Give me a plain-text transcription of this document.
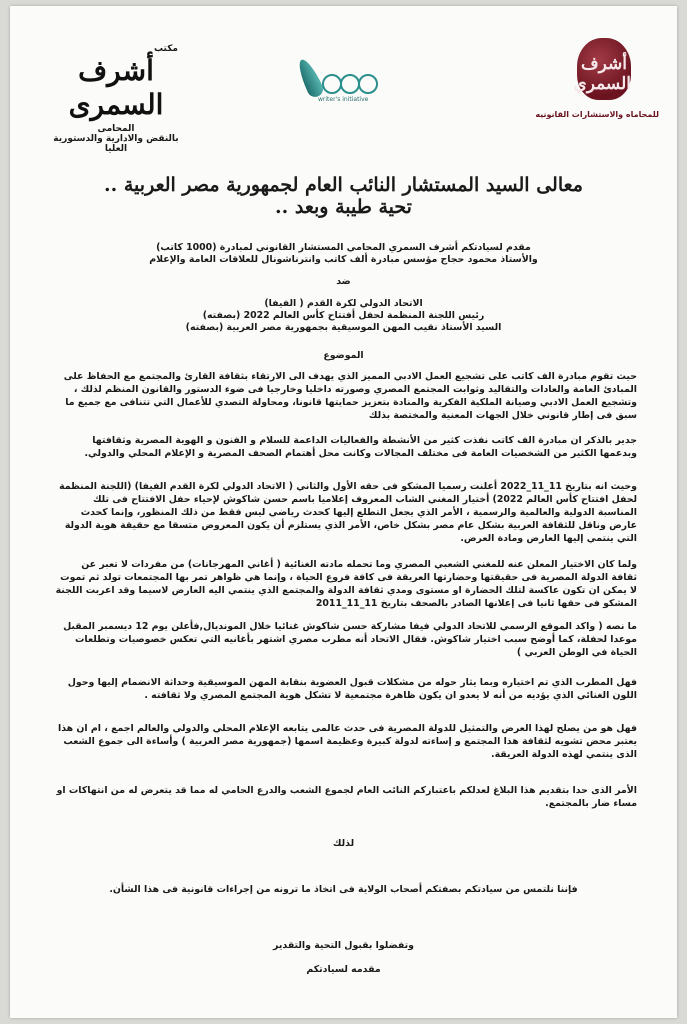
أشرف السمري
للمحاماه والاستشارات القانونيه
writer's initiative
مكتب
أشرف السمرى
المحامى
بالنقض والادارية والدستورية العليا
معالى السيد المستشار النائب العام لجمهورية مصر العربية ..
تحية طيبة وبعد ..
مقدم لسيادتكم أشرف السمري المحامي المستشار القانوني لمبادرة (1000 كاتب)
والأستاذ محمود حجاج مؤسس مبادرة ألف كاتب وانترناشونال للعلاقات العامة والإعلام
ضد
الاتحاد الدولي لكرة القدم ( الفيفا)
رئيس اللجنة المنظمة لحفل أفتتاح كأس العالم 2022 (بصفته)
السيد الأستاذ نقيب المهن الموسيقية بجمهورية مصر العربية (بصفته)
الموضوع
حيث تقوم مبادرة الف كاتب على تشجيع العمل الادبي المميز الذي يهدف الى الارتقاء بثقافة القارئ والمجتمع مع الحفاظ على المبادئ العامة والعادات والتقاليد وثوابت المجتمع المصري وصورته داخليا وخارجيا فى ضوء الدستور والقانون المنظم لذلك ، وتشجيع العمل الادبي وصيانة الملكية الفكرية والمنادة بتعزيز حمايتها قانونا، ومحاولة التصدي للأعمال التي تتنافى مع جميع ما سبق فى إطار قانوني خلال الجهات المعنية والمختصة بذلك
جدير بالذكر ان مبادرة الف كاتب نفذت كثير من الأنشطة والفعاليات الداعمة للسلام و الفنون و الهوية المصرية وثقافتها وبدعمها الكثير من الشخصيات العامة فى مختلف المجالات وكانت محل أهتمام الصحف المصرية و الإعلام المحلي والدولي.
وحيث انه بتاريخ 11_11_2022 أعلنت رسميا المشكو فى حقه الأول والثاني ( الاتحاد الدولي لكرة القدم الفيفا) (اللجنة المنظمة لحفل افتتاح كأس العالم 2022) أختيار المغني الشاب المعروف إعلاميا باسم حسن شاكوش لإحياء حفل الافتتاح فى تلك المناسبة الدولية والعالمية والرسمية ، الأمر الذي يجعل التطلع إليها كحدث رياضي ليس فقط من ذلك المنظور، وإنما كحدث عارض وناقل للثقافة العربية بشكل عام مصر بشكل خاص، الأمر الذي يستلزم أن يكون المعروض متسقا مع حقيقة هوية الدولة التي ينتمي إليها العارض ومادة العرض.
ولما كان الاختيار المعلن عنه للمغني الشعبي المصري وما تحمله مادته الغنائية ( أغاني المهرجانات) من مفردات لا تعبر عن ثقافة الدولة المصرية فى حقيقتها وحضارتها العريقة فى كافة فروع الحياة ، وإنما هي ظواهر تمر بها المجتمعات تولد ثم تموت لا يمكن ان تكون عاكسة لتلك الحضارة او مستوى ومدي ثقافة الدولة والمجتمع الذي ينتمي اليه العارض لاسيما وقد اعربت اللجنة المشكو فى حقها ثانيا فى إعلانها الصادر بالصحف بتاريخ 11_11_2011
ما نصه ( واكد الموقع الرسمي للاتحاد الدولي فيفا مشاركة حسن شاكوش غنائيا خلال المونديال,فأعلن يوم 12 ديسمبر المقبل موعدا لحفلة، كما أوضح سبب اختيار شاكوش. فقال الاتحاد أنه مطرب مصري اشتهر بأغانيه التي تعكس خصوصيات وتطلعات الحياة في الوطن العربي )
فهل المطرب الذي تم اختياره وبما يثار حوله من مشكلات قبول العضوية بنقابة المهن الموسيقية وحداثة الانضمام إليها وحول اللون الغنائي الذي يؤديه من أنه لا يعدو ان يكون ظاهرة مجتمعية لا تشكل هوية المجتمع المصري ولا ثقافته .
فهل هو من يصلح لهذا العرض والتمثيل للدولة المصرية فى حدث عالمى يتابعه الإعلام المحلي والدولي والعالم اجمع ، ام ان هذا يعتبر محض تشويه لثقافة هذا المجتمع و إساءته لدولة كبيرة وعظيمة اسمها (جمهورية مصر العربية ) وأساءة الى جموع الشعب الذى ينتمي لهذه الدولة العريقة.
الأمر الذى حدا بتقديم هذا البلاغ لعدلكم باعتباركم النائب العام لجموع الشعب والدرع الحامي له مما قد يتعرض له من انتهاكات او مساء ضار بالمجتمع.
لذلك
فإننا نلتمس من سيادتكم بصفتكم أصحاب الولاية فى اتخاذ ما ترونه من إجراءات قانونية فى هذا الشأن.
وتفضلوا بقبول التحية والتقدير
مقدمه لسيادتكم
